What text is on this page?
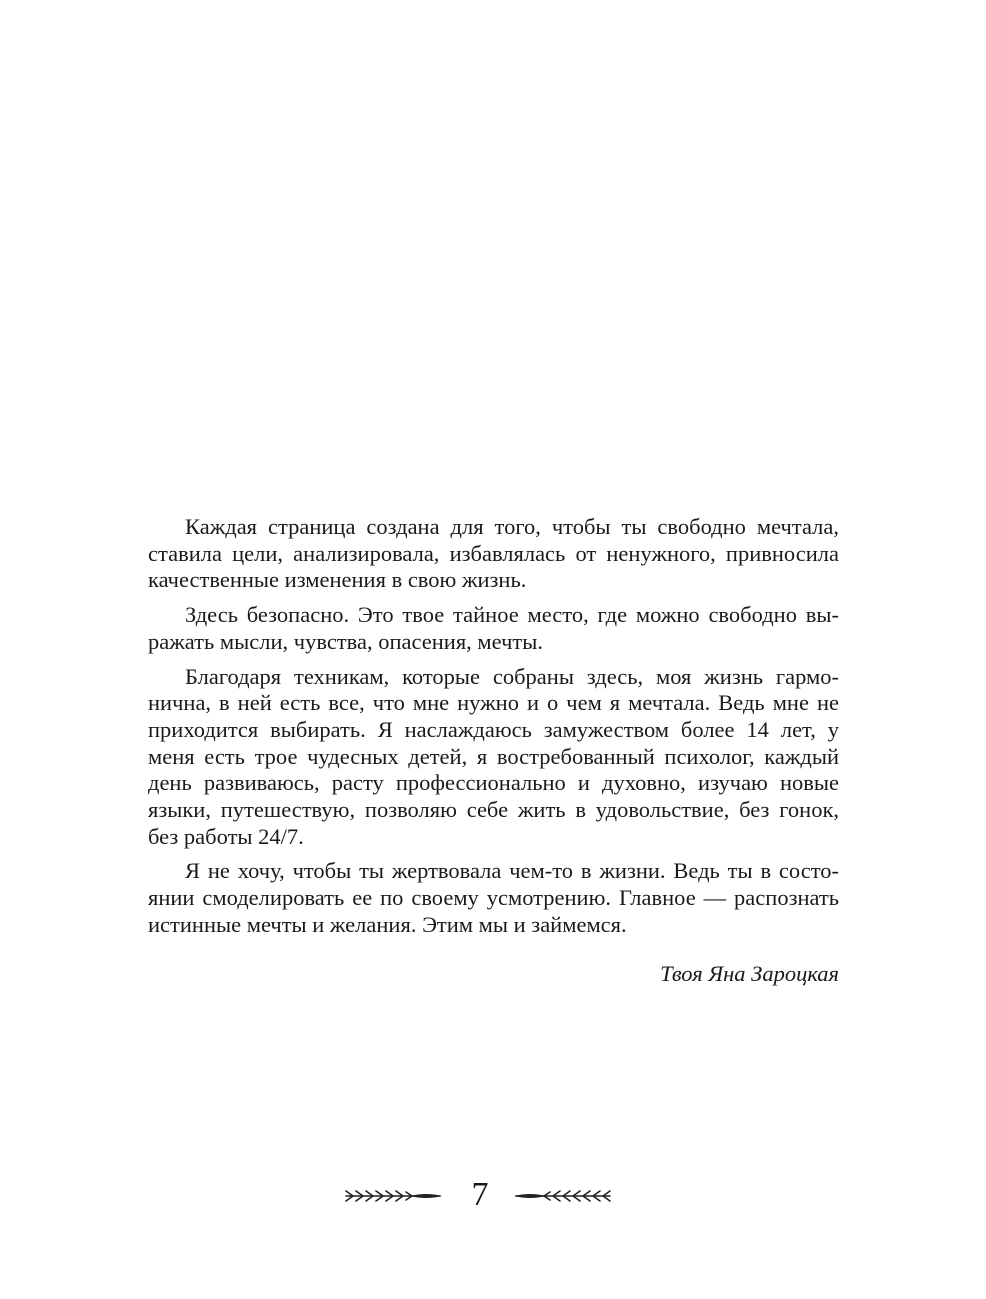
Каждая страница создана для того, чтобы ты свободно мечтала, ставила цели, анализировала, избавлялась от ненужного, привносила качественные изменения в свою жизнь.

Здесь безопасно. Это твое тайное место, где можно свободно выражать мысли, чувства, опасения, мечты.

Благодаря техникам, которые собраны здесь, моя жизнь гармонична, в ней есть все, что мне нужно и о чем я мечтала. Ведь мне не приходится выбирать. Я наслаждаюсь замужеством более 14 лет, у меня есть трое чудесных детей, я востребованный психолог, каждый день развиваюсь, расту профессионально и духовно, изучаю новые языки, путешествую, позволяю себе жить в удовольствие, без гонок, без работы 24/7.

Я не хочу, чтобы ты жертвовала чем-то в жизни. Ведь ты в состоянии смоделировать ее по своему усмотрению. Главное — распознать истинные мечты и желания. Этим мы и займемся.

Твоя Яна Зароцкая

7
